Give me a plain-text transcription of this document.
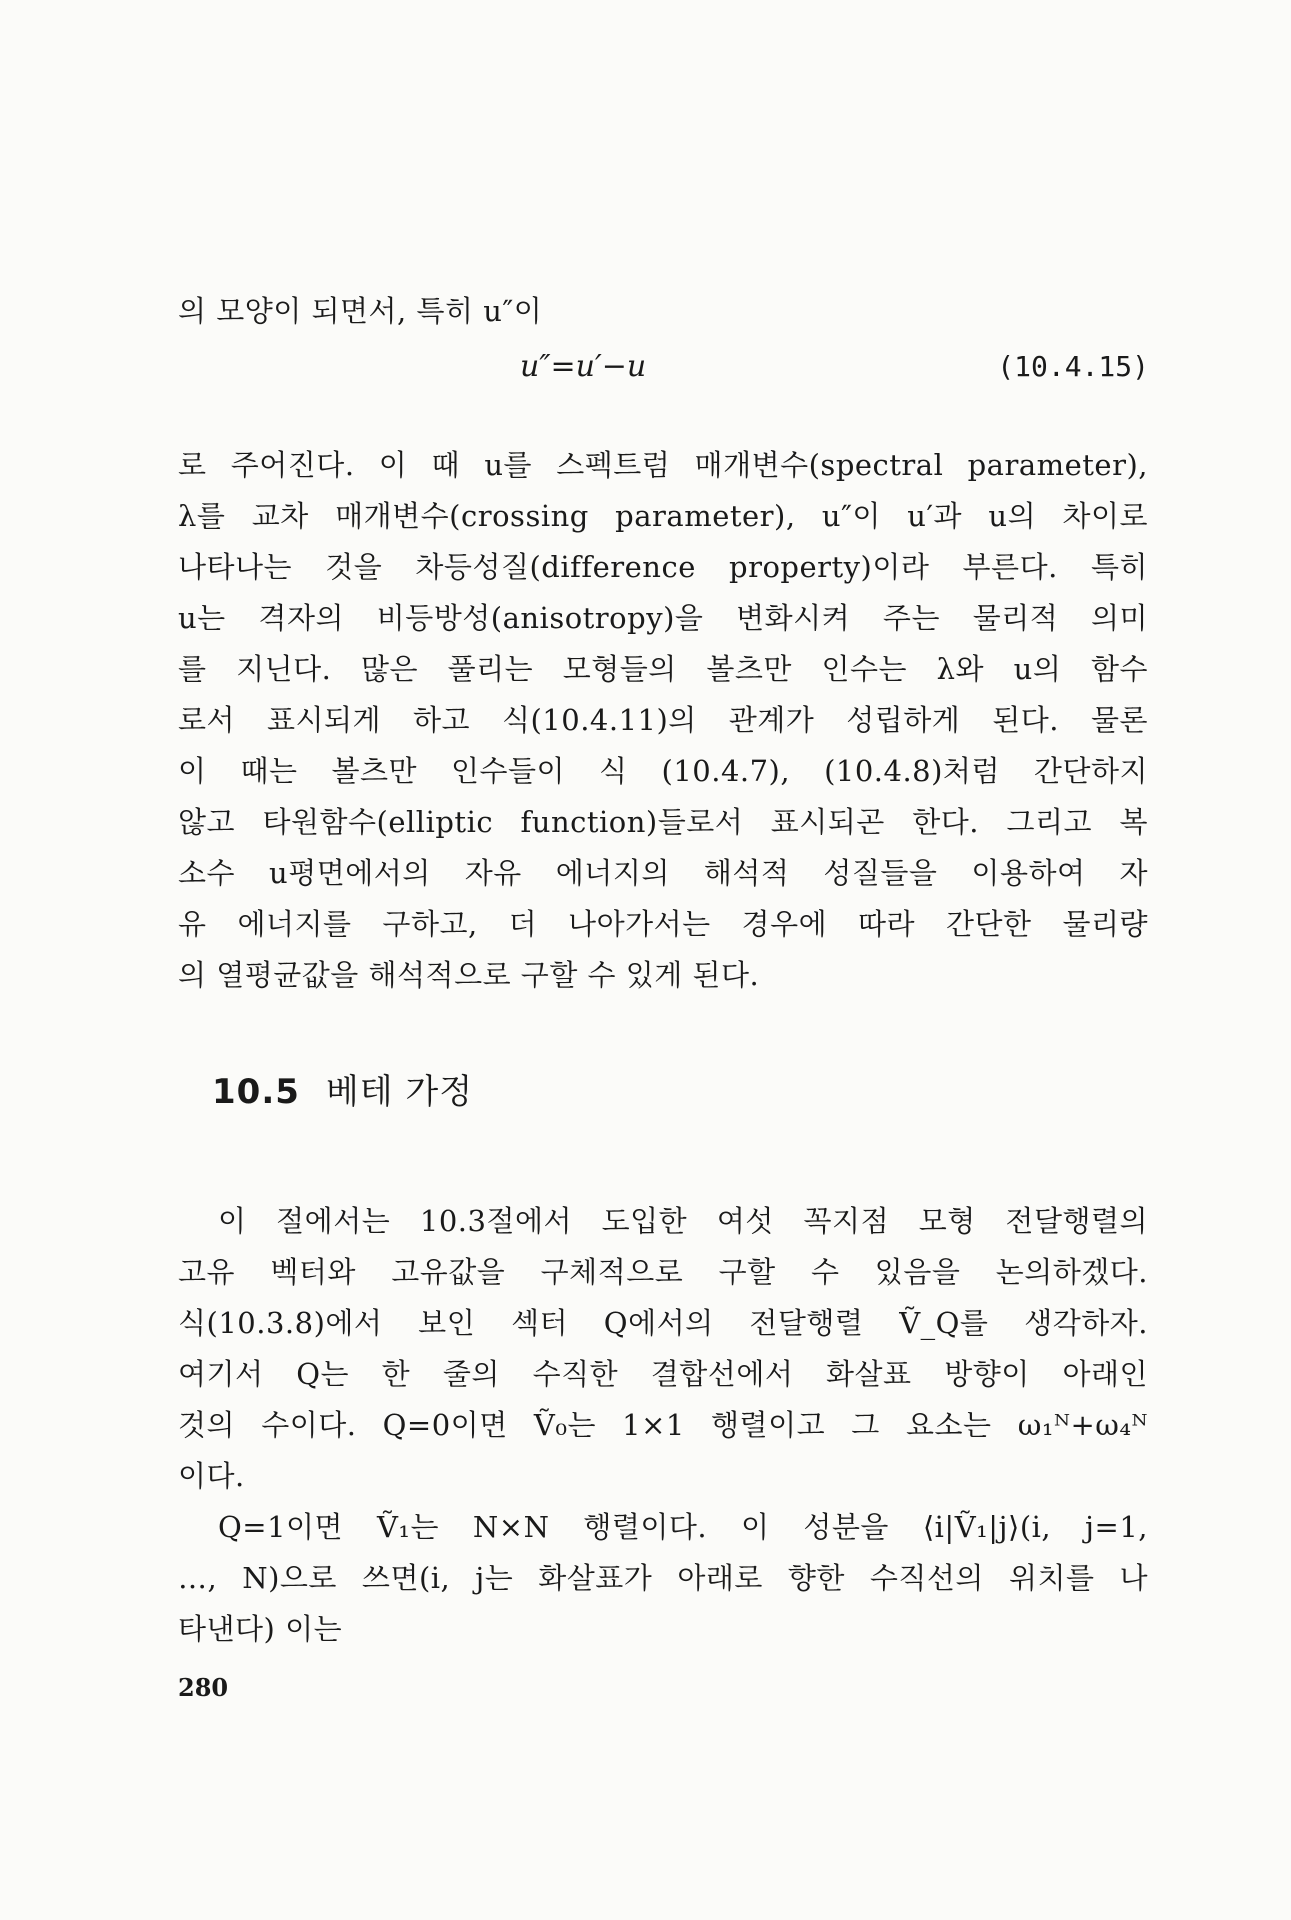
의 모양이 되면서, 특히 u″이
u″=u′−u	(10.4.15)
로 주어진다. 이 때 u를 스펙트럼 매개변수(spectral parameter),
λ를 교차 매개변수(crossing parameter), u″이 u′과 u의 차이로
나타나는 것을 차등성질(difference property)이라 부른다. 특히
u는 격자의 비등방성(anisotropy)을 변화시켜 주는 물리적 의미
를 지닌다. 많은 풀리는 모형들의 볼츠만 인수는 λ와 u의 함수
로서 표시되게 하고 식(10.4.11)의 관계가 성립하게 된다. 물론
이 때는 볼츠만 인수들이 식 (10.4.7), (10.4.8)처럼 간단하지
않고 타원함수(elliptic function)들로서 표시되곤 한다. 그리고 복
소수 u평면에서의 자유 에너지의 해석적 성질들을 이용하여 자
유 에너지를 구하고, 더 나아가서는 경우에 따라 간단한 물리량
의 열평균값을 해석적으로 구할 수 있게 된다.
10.5 베테 가정
이 절에서는 10.3절에서 도입한 여섯 꼭지점 모형 전달행렬의
고유 벡터와 고유값을 구체적으로 구할 수 있음을 논의하겠다.
식(10.3.8)에서 보인 섹터 Q에서의 전달행렬 Ṽ_Q를 생각하자.
여기서 Q는 한 줄의 수직한 결합선에서 화살표 방향이 아래인
것의 수이다. Q=0이면 Ṽ₀는 1×1 행렬이고 그 요소는 ω₁ᴺ+ω₄ᴺ
이다.
Q=1이면 Ṽ₁는 N×N 행렬이다. 이 성분을 ⟨i|Ṽ₁|j⟩(i, j=1,
…, N)으로 쓰면(i, j는 화살표가 아래로 향한 수직선의 위치를 나
타낸다) 이는
280
